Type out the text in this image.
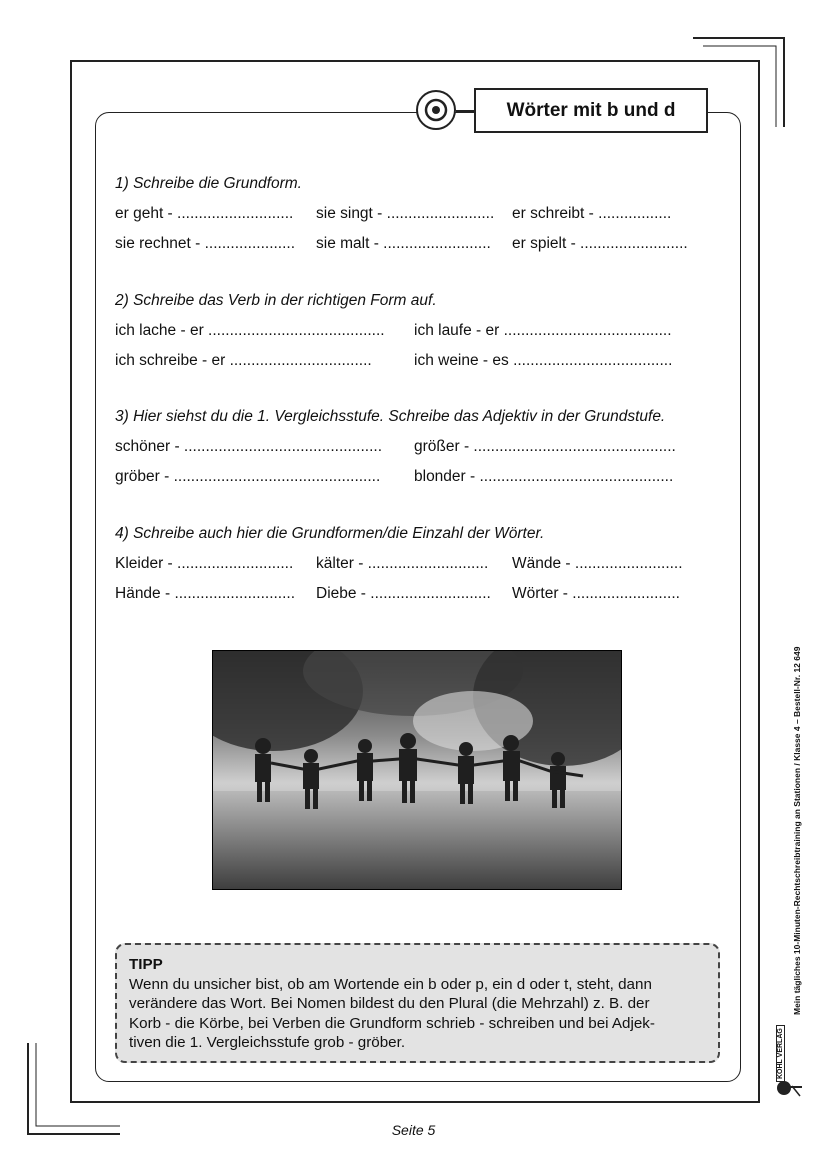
Wörter mit b und d
1) Schreibe die Grundform.
er geht - ........................... sie singt - ......................... er schreibt - .................
sie rechnet - ..................... sie malt - ......................... er spielt - .........................
2) Schreibe das Verb in der richtigen Form auf.
ich lache - er ......................................... ich laufe - er .......................................
ich schreibe - er .................................	ich weine - es .....................................
3) Hier siehst du die 1. Vergleichsstufe. Schreibe das Adjektiv in der Grundstufe.
schöner - .............................................. größer - ...............................................
gröber - ................................................ blonder - .............................................
4) Schreibe auch hier die Grundformen/die Einzahl der Wörter.
Kleider - ........................... kälter - ............................ Wände - .........................
Hände - ............................ Diebe - ............................ Wörter - .........................
TIPP
Wenn du unsicher bist, ob am Wortende ein b oder p, ein d oder t, steht, dann
verändere das Wort. Bei Nomen bildest du den Plural (die Mehrzahl) z. B. der
Korb - die Körbe, bei Verben die Grundform schrieb - schreiben und bei Adjek-
tiven die 1. Vergleichsstufe grob - gröber.
Mein tägliches 10-Minuten-Rechtschreibtraining an Stationen / Klasse 4 – Bestell-Nr. 12 649
KOHL VERLAG
Seite 5
